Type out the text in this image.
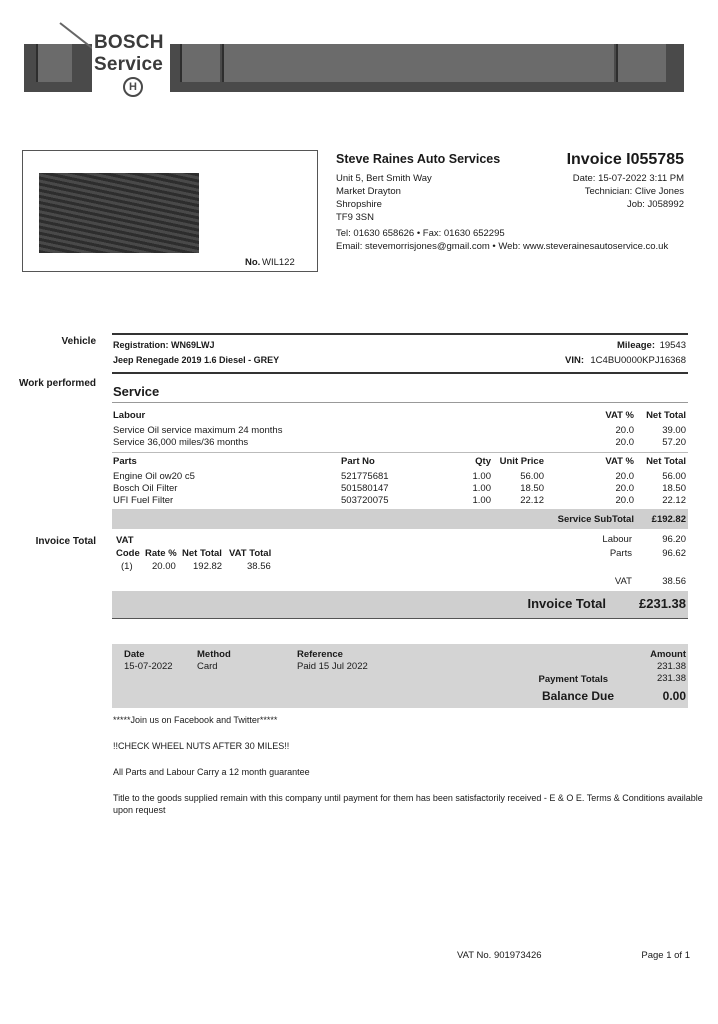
BOSCH
Service
H
No. WIL122
Steve Raines Auto Services
Unit 5, Bert Smith Way
Market Drayton
Shropshire
TF9 3SN
Tel: 01630 658626 • Fax: 01630 652295
Email: stevemorrisjones@gmail.com • Web: www.steverainesautoservice.co.uk
Invoice I055785
Date: 15-07-2022 3:11 PM
Technician: Clive Jones
Job: J058992
Vehicle
Work performed
Invoice Total
Registration: WN69LWJ
Jeep Renegade 2019 1.6 Diesel - GREY
Mileage: 19543
VIN: 1C4BU0000KPJ16368
Service
Labour	VAT % Net Total
Service Oil service maximum 24 months	20.0	39.00
Service 36,000 miles/36 months	20.0	57.20
Parts	Part No	Qty Unit Price	VAT % Net Total
Engine Oil ow20 c5	521775681	1.00	56.00	20.0	56.00
Bosch Oil Filter	501580147	1.00	18.50	20.0	18.50
UFI Fuel Filter	503720075	1.00	22.12	20.0	22.12
Service SubTotal £192.82
VAT
Code Rate % Net Total VAT Total
(1) 20.00 192.82	38.56
Labour	96.20
Parts	96.62
VAT	38.56
Invoice Total	£231.38
Date	Method	Reference	Amount
15-07-2022	Card	Paid 15 Jul 2022	231.38
Payment Totals	231.38
Balance Due	0.00
*****Join us on Facebook and Twitter*****
!!CHECK WHEEL NUTS AFTER 30 MILES!!
All Parts and Labour Carry a 12 month guarantee
Title to the goods supplied remain with this company until payment for them has been satisfactorily received - E & O E. Terms & Conditions available
upon request
VAT No. 901973426	Page 1 of 1
